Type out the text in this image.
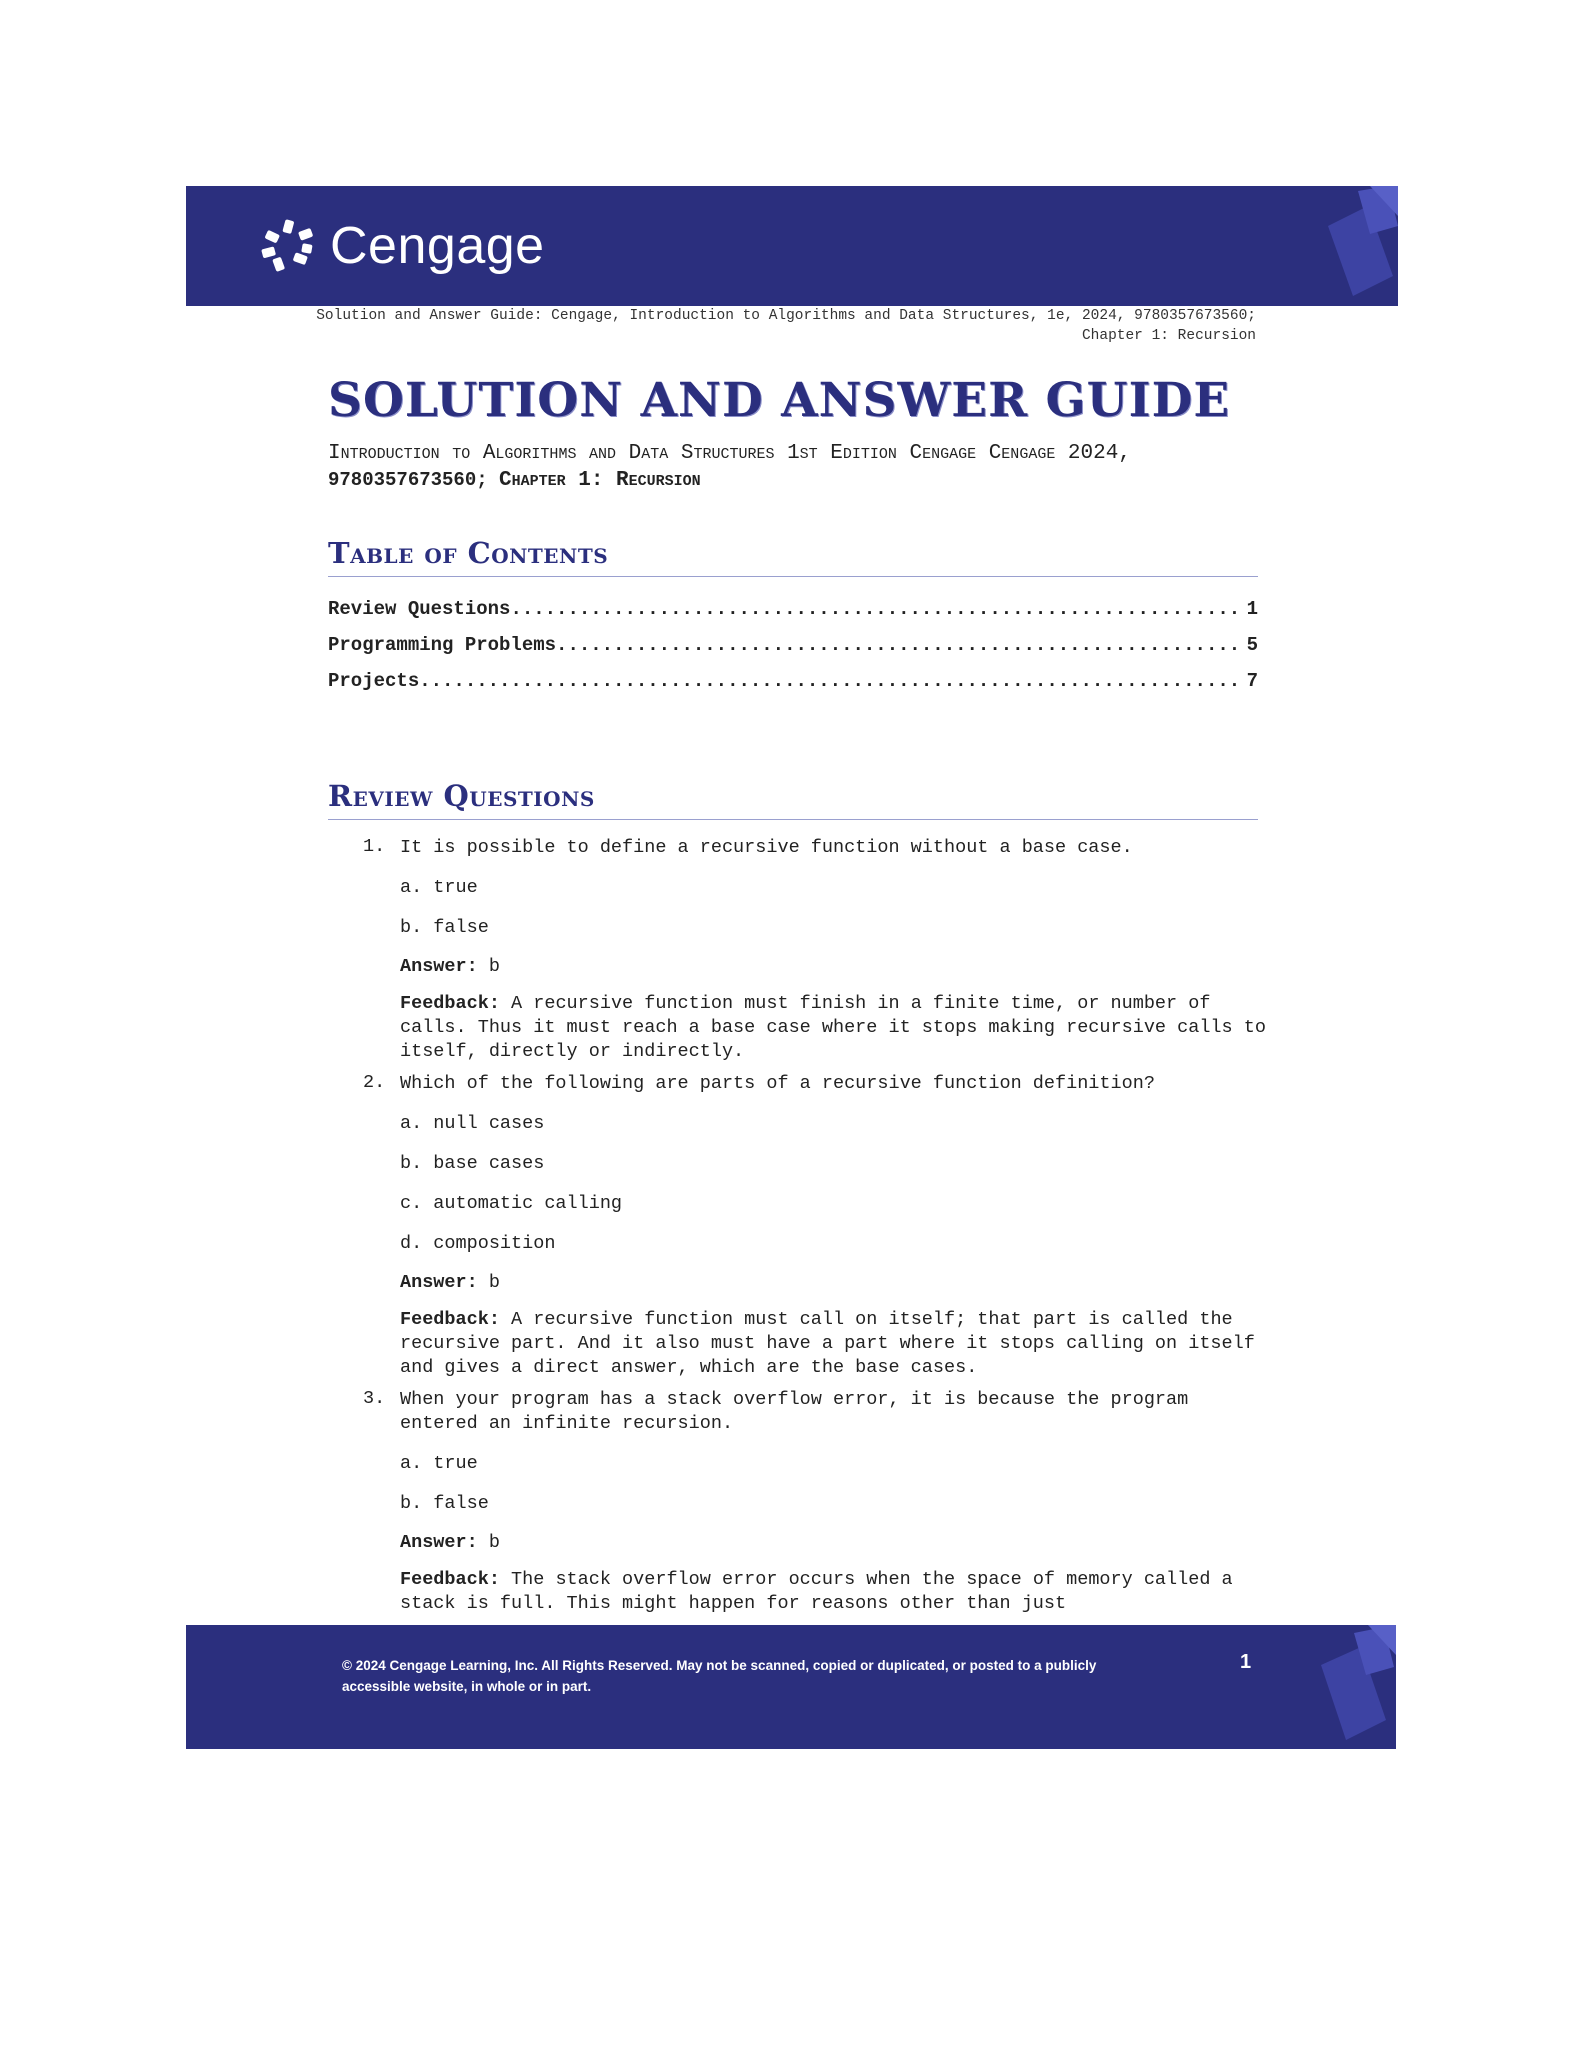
Cengage
Solution and Answer Guide: Cengage, Introduction to Algorithms and Data Structures, 1e, 2024, 9780357673560;
Chapter 1: Recursion
SOLUTION AND ANSWER GUIDE
Introduction to Algorithms and Data Structures 1st Edition Cengage Cengage 2024,
9780357673560; Chapter 1: Recursion
Table of Contents
Review Questions .....	1
Programming Problems .....	5
Projects .....	7
Review Questions
1. It is possible to define a recursive function without a base case.
a. true
b. false
Answer: b
Feedback: A recursive function must finish in a finite time, or number of calls. Thus it must reach a base case where it stops making recursive calls to itself, directly or indirectly.
2. Which of the following are parts of a recursive function definition?
a. null cases
b. base cases
c. automatic calling
d. composition
Answer: b
Feedback: A recursive function must call on itself; that part is called the recursive part. And it also must have a part where it stops calling on itself and gives a direct answer, which are the base cases.
3. When your program has a stack overflow error, it is because the program entered an infinite recursion.
a. true
b. false
Answer: b
Feedback: The stack overflow error occurs when the space of memory called a stack is full. This might happen for reasons other than just
© 2024 Cengage Learning, Inc. All Rights Reserved. May not be scanned, copied or duplicated, or posted to a publicly accessible website, in whole or in part.
1
